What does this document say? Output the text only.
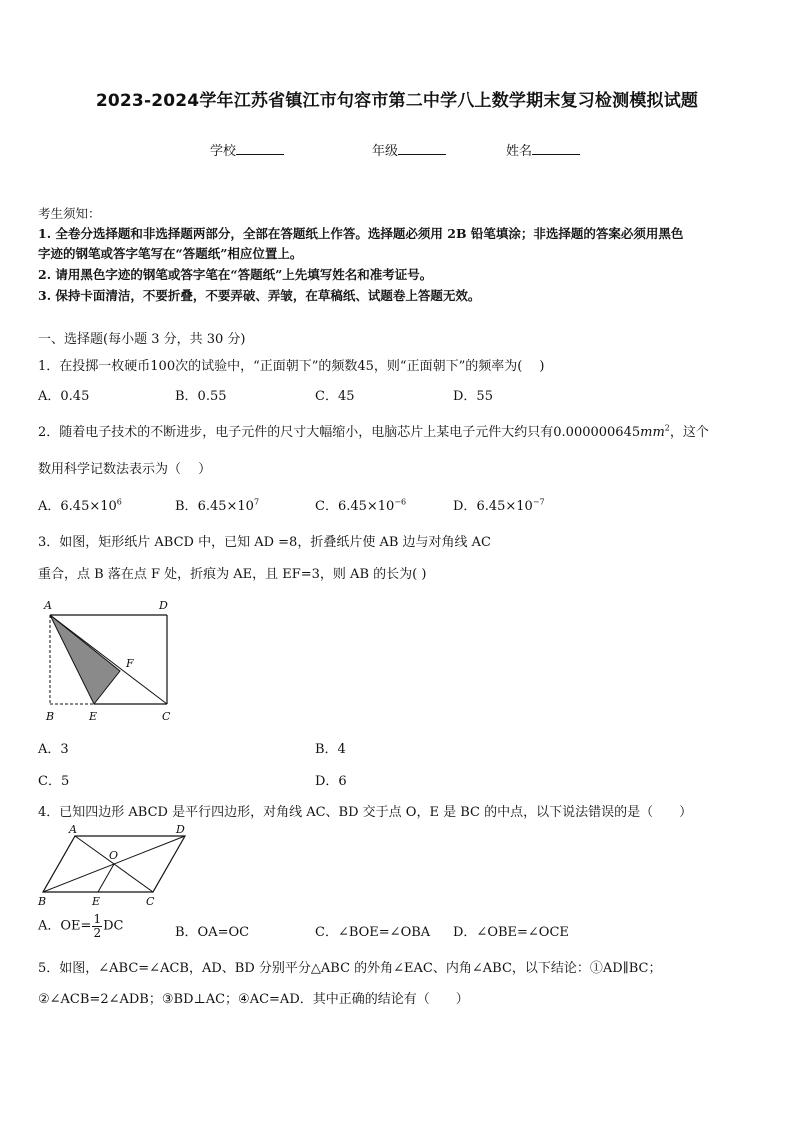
2023-2024学年江苏省镇江市句容市第二中学八上数学期末复习检测模拟试题
学校	年级	姓名
考生须知：
1. 全卷分选择题和非选择题两部分，全部在答题纸上作答。选择题必须用 2B 铅笔填涂；非选择题的答案必须用黑色
字迹的钢笔或答字笔写在“答题纸”相应位置上。
2. 请用黑色字迹的钢笔或答字笔在“答题纸”上先填写姓名和准考证号。
3. 保持卡面清洁，不要折叠，不要弄破、弄皱，在草稿纸、试题卷上答题无效。
一、选择题(每小题 3 分，共 30 分)
1．在投掷一枚硬币100次的试验中，“正面朝下”的频数45，则“正面朝下”的频率为(　 )
A．0.45	B．0.55	C．45	D．55
2．随着电子技术的不断进步，电子元件的尺寸大幅缩小，电脑芯片上某电子元件大约只有$0.000000645mm^2$，这个
数用科学记数法表示为（　 ）
A．$6.45\times 10^6$	B．$6.45\times 10^7$	C．$6.45\times 10^{-6}$	D．$6.45\times 10^{-7}$
3．如图，矩形纸片 ABCD 中，已知 AD =8，折叠纸片使 AB 边与对角线 AC
重合，点 B 落在点 F 处，折痕为 AE，且 EF=3，则 AB 的长为( )
A	D
B	E	C
F
A．3	B．4
C．5	D．6
4．已知四边形 ABCD 是平行四边形，对角线 AC、BD 交于点 O，E 是 BC 的中点，以下说法错误的是（　　）
A	D
O
B	E	C
A．$OE= \frac{1}{2}$ DC	B．OA=OC	C．∠BOE=∠OBA D．∠OBE=∠OCE
5．如图，∠ABC=∠ACB，AD、BD 分别平分△ABC 的外角∠EAC、内角∠ABC，以下结论：①AD∥BC；
②∠ACB=2∠ADB；③BD⊥AC；④AC=AD．其中正确的结论有（　　）
